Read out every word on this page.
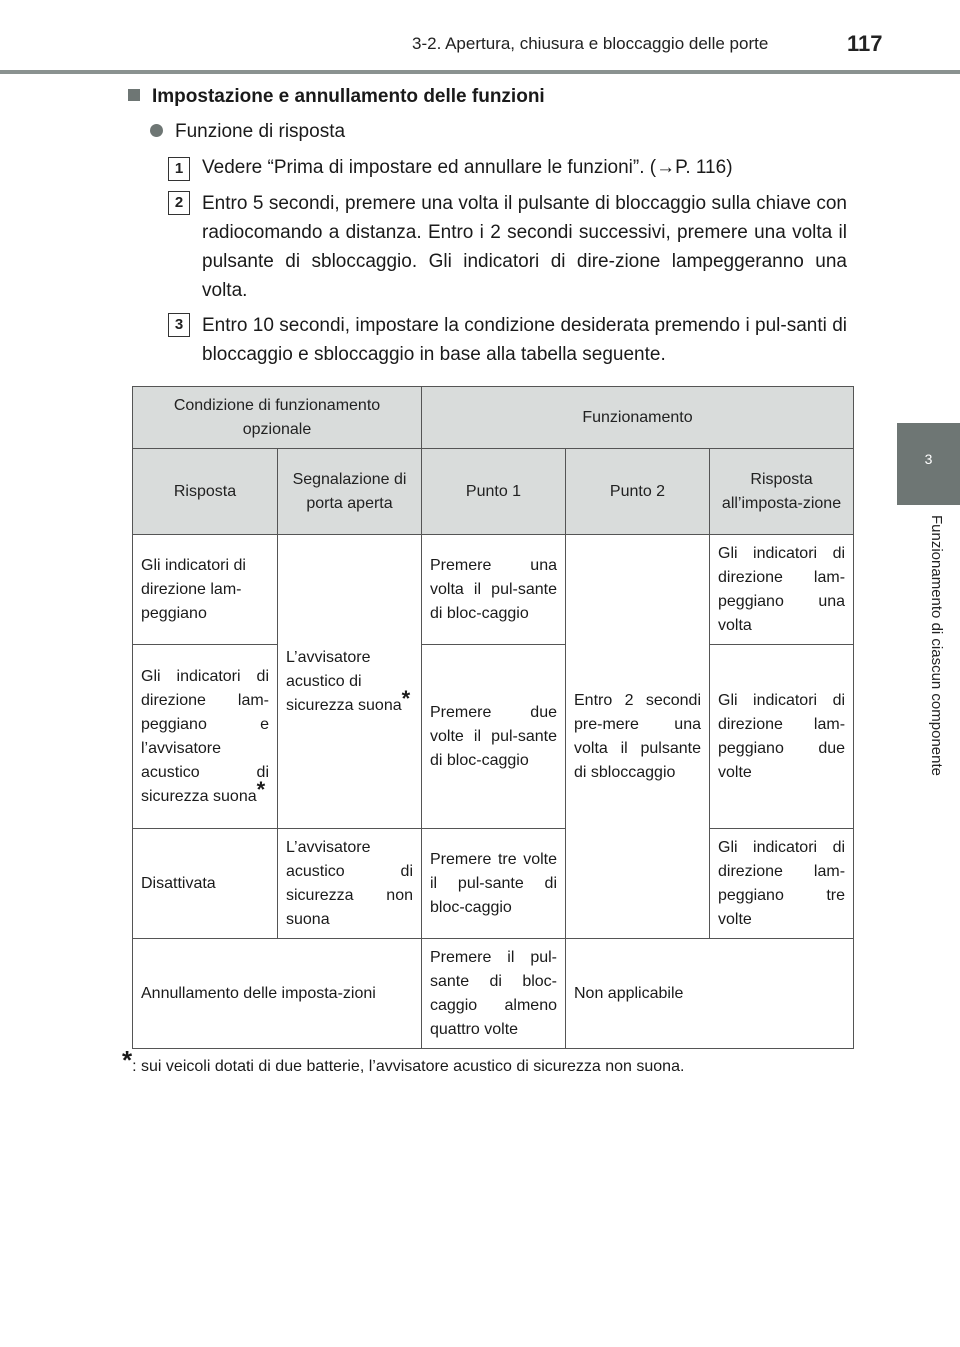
3-2. Apertura, chiusura e bloccaggio delle porte	117
3
Funzionamento di ciascun componente
Impostazione e annullamento delle funzioni
Funzione di risposta
1 Vedere “Prima di impostare ed annullare le funzioni”. (→P. 116)
2 Entro 5 secondi, premere una volta il pulsante di bloccaggio sulla chiave con radiocomando a distanza. Entro i 2 secondi successivi, premere una volta il pulsante di sbloccaggio. Gli indicatori di dire-zione lampeggeranno una volta.
3 Entro 10 secondi, impostare la condizione desiderata premendo i pul-santi di bloccaggio e sbloccaggio in base alla tabella seguente.
Condizione di funzionamento opzionale		Funzionamento		
Risposta	Segnalazione di porta aperta	Punto 1	Punto 2	Risposta all’imposta-zione
Gli indicatori di direzione lam-peggiano	L’avvisatore acustico di sicurezza suona*	Premere una volta il pul-sante di bloc-caggio	Entro 2 secondi pre-mere una volta il pulsante di sbloccaggio	Gli indicatori di direzione lam-peggiano una volta
Gli indicatori di direzione lam-peggiano e l’avvisatore acustico di sicurezza suona*		Premere due volte il pul-sante di bloc-caggio		Gli indicatori di direzione lam-peggiano due volte
Disattivata	L’avvisatore acustico di sicurezza non suona	Premere tre volte il pul-sante di bloc-caggio		Gli indicatori di direzione lam-peggiano tre volte
Annullamento delle imposta-zioni		Premere il pul-sante di bloc-caggio almeno quattro volte	Non applicabile	
*: sui veicoli dotati di due batterie, l’avvisatore acustico di sicurezza non suona.
